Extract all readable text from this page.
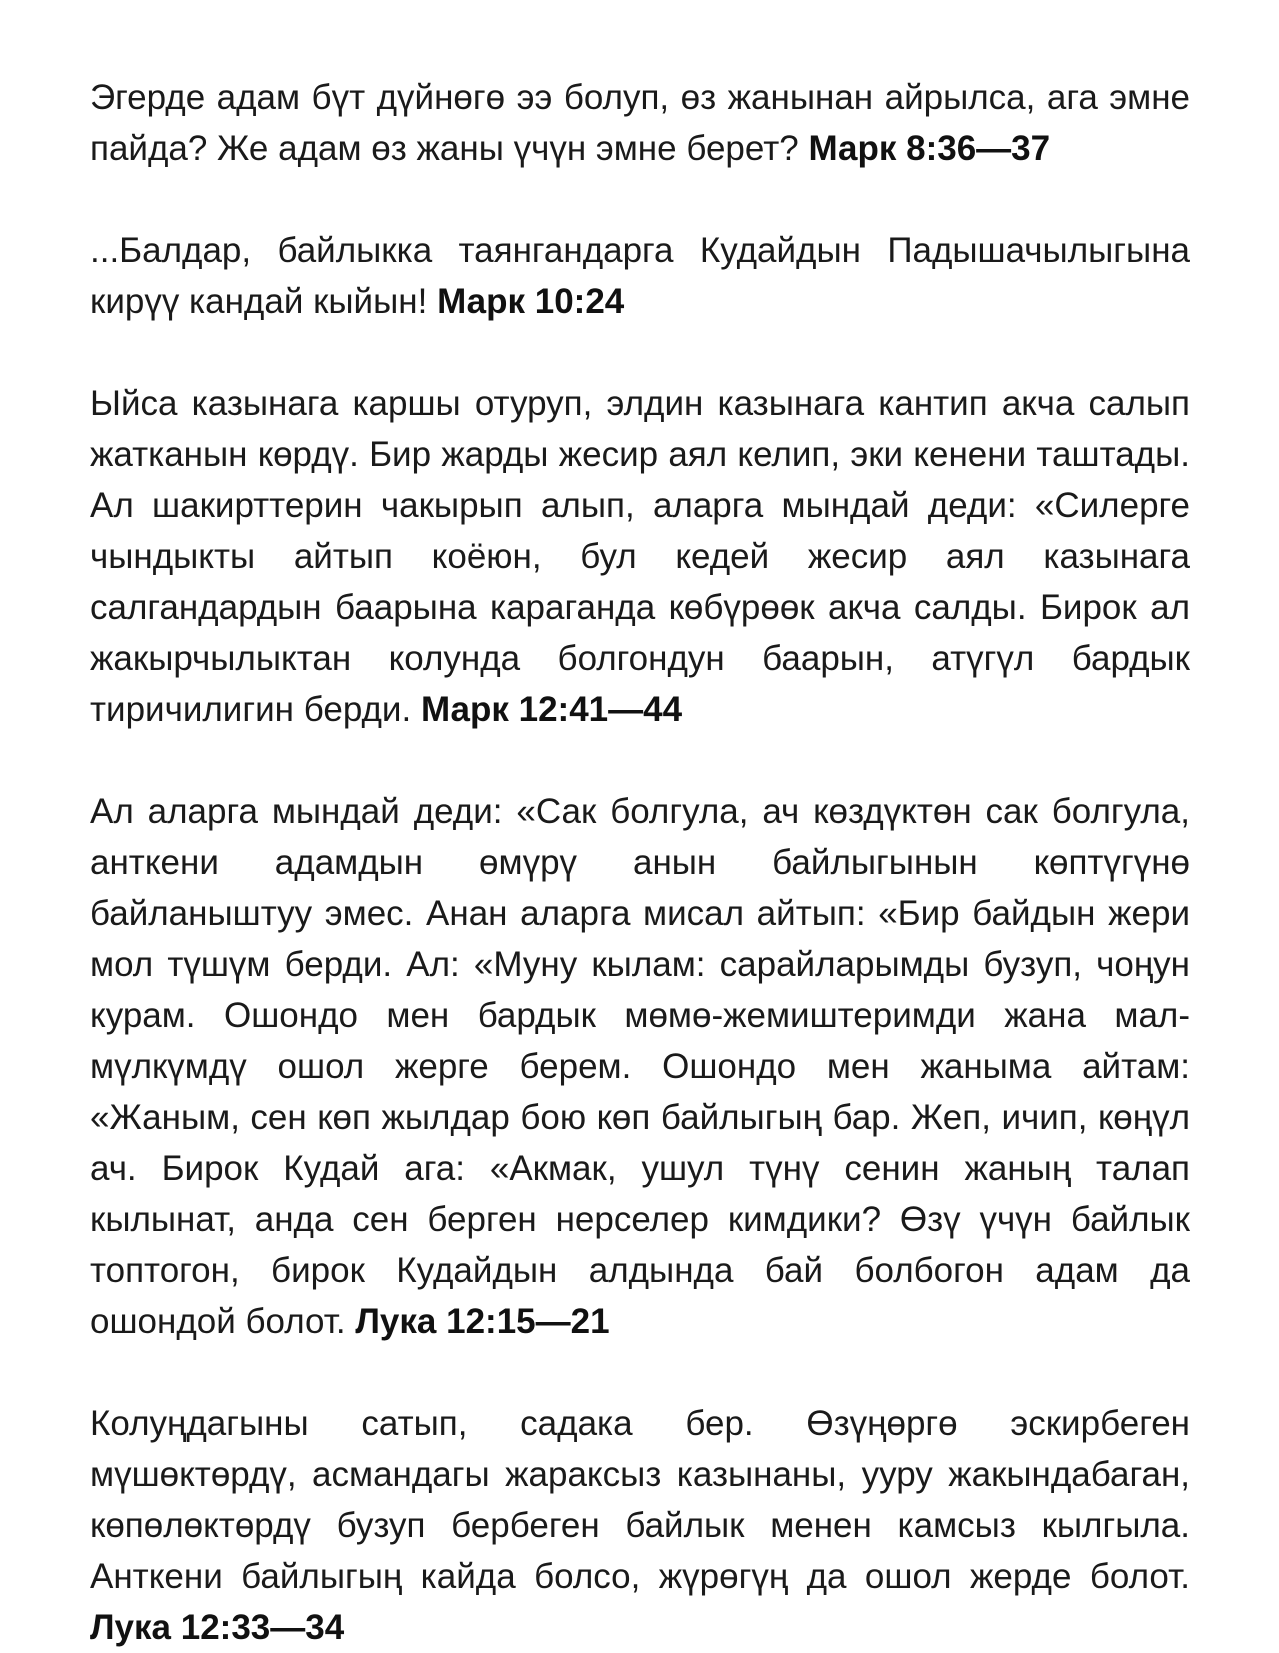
Эгерде адам бүт дүйнөгө ээ болуп, өз жанынан айрылса, ага эмне пайда? Же адам өз жаны үчүн эмне берет? Марк 8:36—37

...Балдар, байлыкка таянгандарга Кудайдын Падышачылыгына кирүү кандай кыйын! Марк 10:24

Ыйса казынага каршы отуруп, элдин казынага кантип акча салып жатканын көрдү. Бир жарды жесир аял келип, эки кенени таштады. Ал шакирттерин чакырып алып, аларга мындай деди: «Силерге чындыкты айтып коёюн, бул кедей жесир аял казынага салгандардын баарына караганда көбүрөөк акча салды. Бирок ал жакырчылыктан колунда болгондун баарын, атүгүл бардык тиричилигин берди. Марк 12:41—44

Ал аларга мындай деди: «Сак болгула, ач көздүктөн сак болгула, анткени адамдын өмүрү анын байлыгынын көптүгүнө байланыштуу эмес. Анан аларга мисал айтып: «Бир байдын жери мол түшүм берди. Ал: «Муну кылам: сарайларымды бузуп, чоңун курам. Ошондо мен бардык мөмө-жемиштеримди жана мал-мүлкүмдү ошол жерге берем. Ошондо мен жаныма айтам: «Жаным, сен көп жылдар бою көп байлыгың бар. Жеп, ичип, көңүл ач. Бирок Кудай ага: «Акмак, ушул түнү сенин жаның талап кылынат, анда сен берген нерселер кимдики? Өзү үчүн байлык топтогон, бирок Кудайдын алдында бай болбогон адам да ошондой болот. Лука 12:15—21

Колуңдагыны сатып, садака бер. Өзүңөргө эскирбеген мүшөктөрдү, асмандагы жараксыз казынаны, ууру жакындабаган, көпөлөктөрдү бузуп бербеген байлык менен камсыз кылгыла. Анткени байлыгың кайда болсо, жүрөгүң да ошол жерде болот. Лука 12:33—34
